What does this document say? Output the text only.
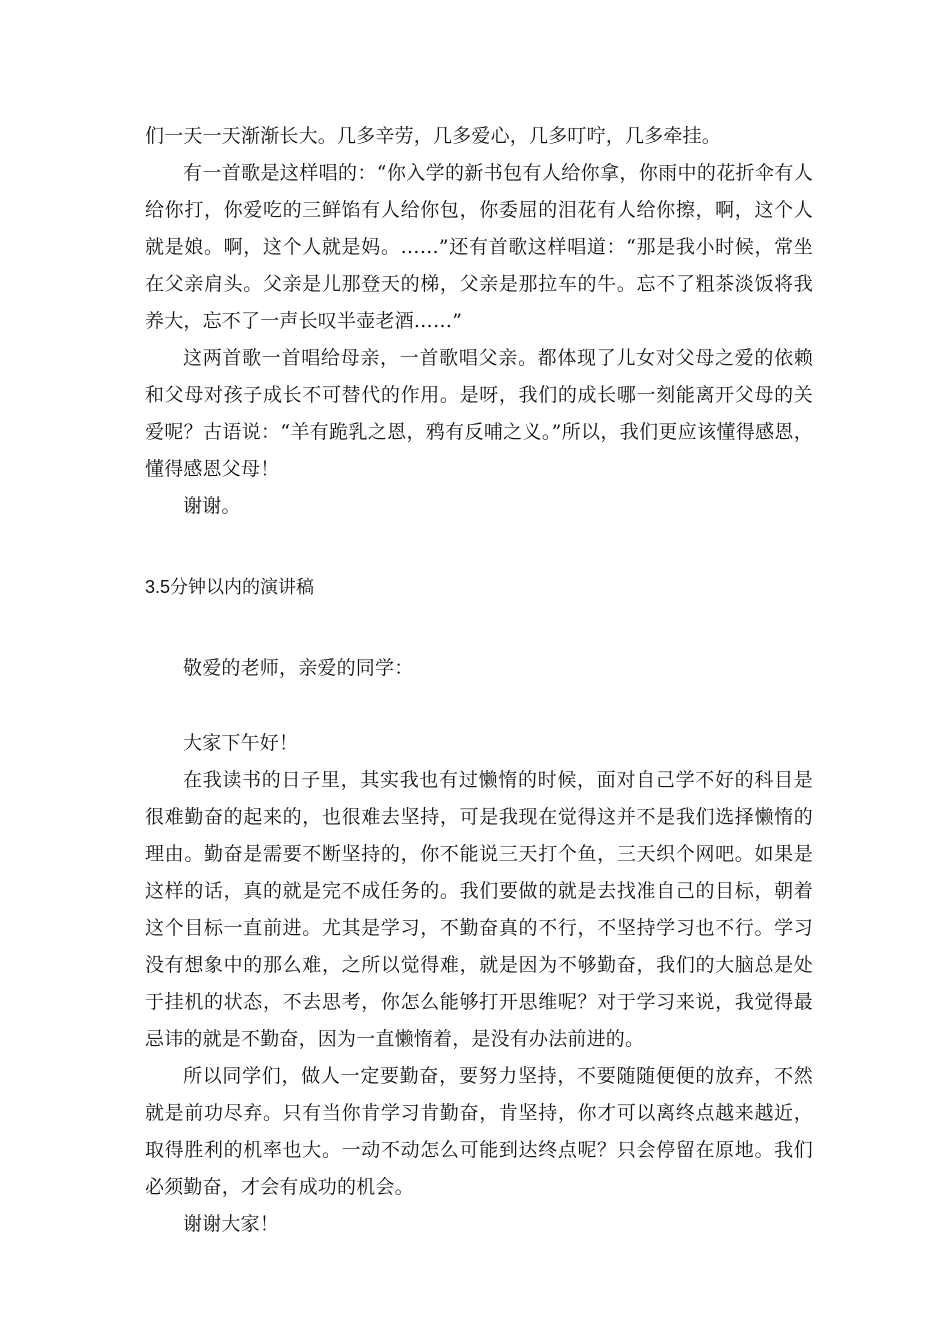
们一天一天渐渐长大。几多辛劳，几多爱心，几多叮咛，几多牵挂。

有一首歌是这样唱的：“你入学的新书包有人给你拿，你雨中的花折伞有人给你打，你爱吃的三鲜馅有人给你包，你委屈的泪花有人给你擦，啊，这个人就是娘。啊，这个人就是妈。……”还有首歌这样唱道：“那是我小时候，常坐在父亲肩头。父亲是儿那登天的梯，父亲是那拉车的牛。忘不了粗茶淡饭将我养大，忘不了一声长叹半壶老酒……”

这两首歌一首唱给母亲，一首歌唱父亲。都体现了儿女对父母之爱的依赖和父母对孩子成长不可替代的作用。是呀，我们的成长哪一刻能离开父母的关爱呢？古语说：“羊有跪乳之恩，鸦有反哺之义。”所以，我们更应该懂得感恩，懂得感恩父母！

谢谢。

3.5分钟以内的演讲稿

敬爱的老师，亲爱的同学：

大家下午好！

在我读书的日子里，其实我也有过懒惰的时候，面对自己学不好的科目是很难勤奋的起来的，也很难去坚持，可是我现在觉得这并不是我们选择懒惰的理由。勤奋是需要不断坚持的，你不能说三天打个鱼，三天织个网吧。如果是这样的话，真的就是完不成任务的。我们要做的就是去找准自己的目标，朝着这个目标一直前进。尤其是学习，不勤奋真的不行，不坚持学习也不行。学习没有想象中的那么难，之所以觉得难，就是因为不够勤奋，我们的大脑总是处于挂机的状态，不去思考，你怎么能够打开思维呢？对于学习来说，我觉得最忌讳的就是不勤奋，因为一直懒惰着，是没有办法前进的。

所以同学们，做人一定要勤奋，要努力坚持，不要随随便便的放弃，不然就是前功尽弃。只有当你肯学习肯勤奋，肯坚持，你才可以离终点越来越近，取得胜利的机率也大。一动不动怎么可能到达终点呢？只会停留在原地。我们必须勤奋，才会有成功的机会。

谢谢大家！
